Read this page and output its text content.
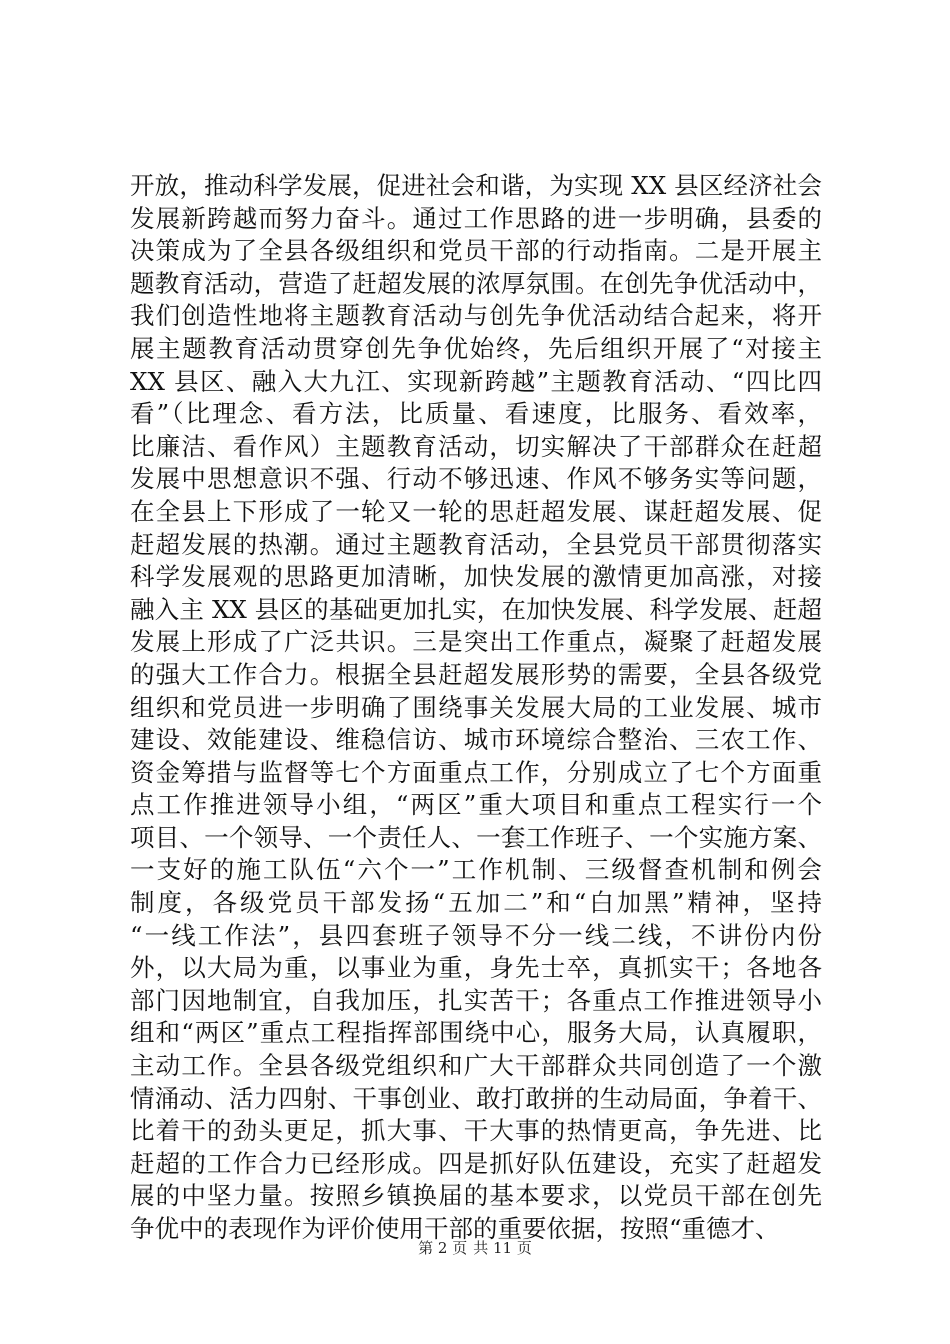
开放，推动科学发展，促进社会和谐，为实现 XX 县区经济社会
发展新跨越而努力奋斗。通过工作思路的进一步明确，县委的
决策成为了全县各级组织和党员干部的行动指南。二是开展主
题教育活动，营造了赶超发展的浓厚氛围。在创先争优活动中，
我们创造性地将主题教育活动与创先争优活动结合起来，将开
展主题教育活动贯穿创先争优始终，先后组织开展了“对接主
XX 县区、融入大九江、实现新跨越”主题教育活动、“四比四
看”（比理念、看方法，比质量、看速度，比服务、看效率，
比廉洁、看作风）主题教育活动，切实解决了干部群众在赶超
发展中思想意识不强、行动不够迅速、作风不够务实等问题，
在全县上下形成了一轮又一轮的思赶超发展、谋赶超发展、促
赶超发展的热潮。通过主题教育活动，全县党员干部贯彻落实
科学发展观的思路更加清晰，加快发展的激情更加高涨，对接
融入主 XX 县区的基础更加扎实，在加快发展、科学发展、赶超
发展上形成了广泛共识。三是突出工作重点，凝聚了赶超发展
的强大工作合力。根据全县赶超发展形势的需要，全县各级党
组织和党员进一步明确了围绕事关发展大局的工业发展、城市
建设、效能建设、维稳信访、城市环境综合整治、三农工作、
资金筹措与监督等七个方面重点工作，分别成立了七个方面重
点工作推进领导小组，“两区”重大项目和重点工程实行一个
项目、一个领导、一个责任人、一套工作班子、一个实施方案、
一支好的施工队伍“六个一”工作机制、三级督查机制和例会
制度，各级党员干部发扬“五加二”和“白加黑”精神，坚持
“一线工作法”，县四套班子领导不分一线二线，不讲份内份
外，以大局为重，以事业为重，身先士卒，真抓实干；各地各
部门因地制宜，自我加压，扎实苦干；各重点工作推进领导小
组和“两区”重点工程指挥部围绕中心，服务大局，认真履职，
主动工作。全县各级党组织和广大干部群众共同创造了一个激
情涌动、活力四射、干事创业、敢打敢拼的生动局面，争着干、
比着干的劲头更足，抓大事、干大事的热情更高，争先进、比
赶超的工作合力已经形成。四是抓好队伍建设，充实了赶超发
展的中坚力量。按照乡镇换届的基本要求，以党员干部在创先
争优中的表现作为评价使用干部的重要依据，按照“重德才、
第 2 页 共 11 页
